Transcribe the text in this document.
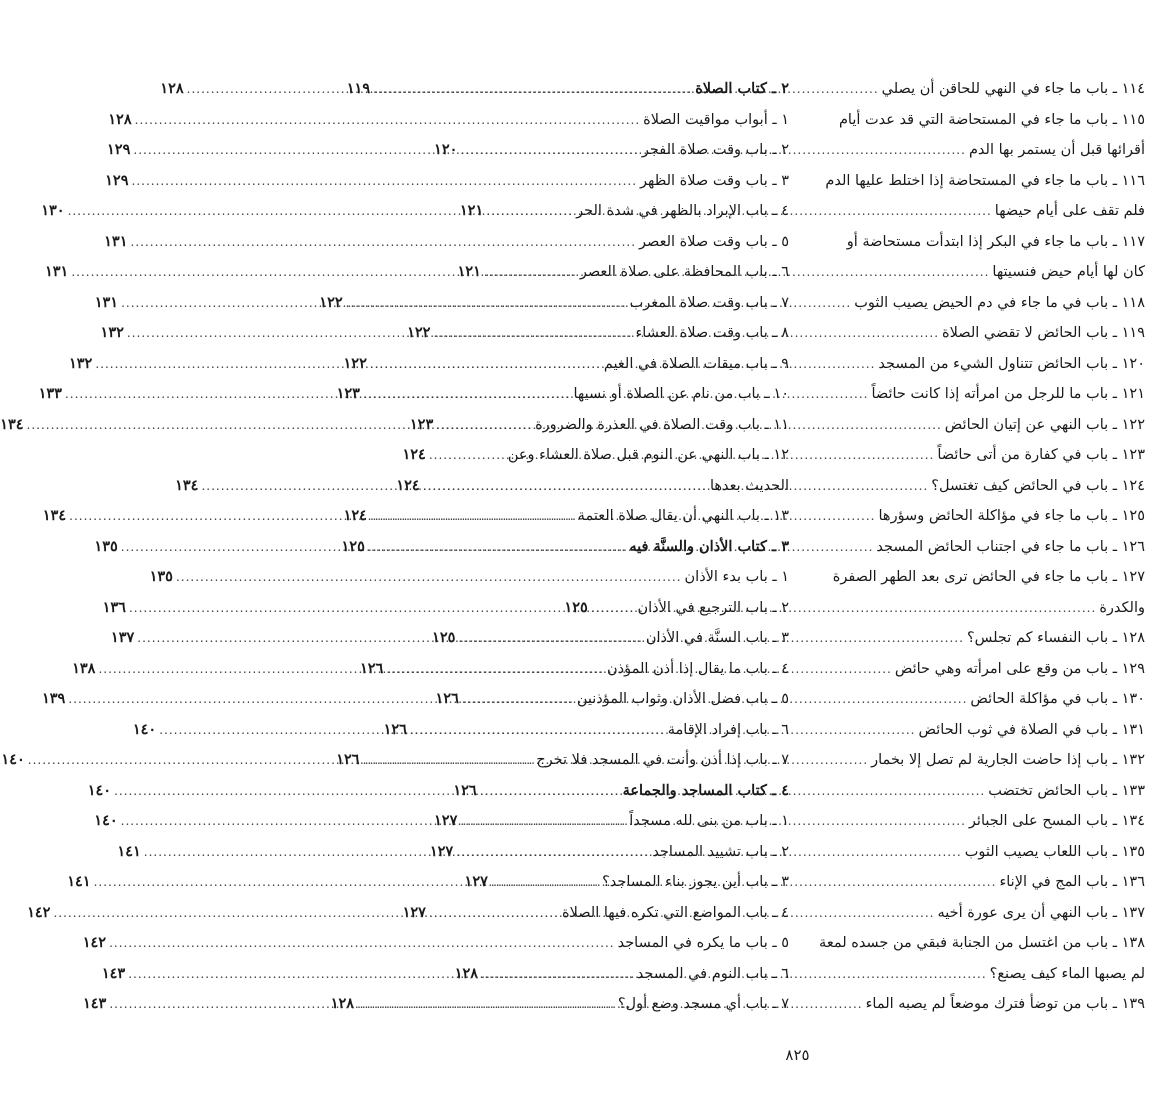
١١٤ ـ باب ما جاء في النهي للحاقن أن يصلي
.....
١١٩
١١٥ ـ باب ما جاء في المستحاضة التي قد عدت أيام
أقرائها قبل أن يستمر بها الدم
.....
١٢٠
١١٦ ـ باب ما جاء في المستحاضة إذا اختلط عليها الدم
فلم تقف على أيام حيضها
.....
١٢١
١١٧ ـ باب ما جاء في البكر إذا ابتدأت مستحاضة أو
كان لها أيام حيض فنسيتها
.....
١٢١
١١٨ ـ باب في ما جاء في دم الحيض يصيب الثوب
.....
١٢٢
١١٩ ـ باب الحائض لا تقضي الصلاة
.....
١٢٢
١٢٠ ـ باب الحائض تتناول الشيء من المسجد
.....
١٢٢
١٢١ ـ باب ما للرجل من امرأته إذا كانت حائضاً
.....
١٢٣
١٢٢ ـ باب النهي عن إتيان الحائض
.....
١٢٣
١٢٣ ـ باب في كفارة من أتى حائضاً
.....
١٢٤
١٢٤ ـ باب في الحائض كيف تغتسل؟
.....
١٢٤
١٢٥ ـ باب ما جاء في مؤاكلة الحائض وسؤرها
.....
١٢٤
١٢٦ ـ باب ما جاء في اجتناب الحائض المسجد
.....
١٢٥
١٢٧ ـ باب ما جاء في الحائض ترى بعد الطهر الصفرة
والكدرة
.....
١٢٥
١٢٨ ـ باب النفساء كم تجلس؟
.....
١٢٥
١٢٩ ـ باب من وقع على امرأته وهي حائض
.....
١٢٦
١٣٠ ـ باب في مؤاكلة الحائض
.....
١٢٦
١٣١ ـ باب في الصلاة في ثوب الحائض
.....
١٢٦
١٣٢ ـ باب إذا حاضت الجارية لم تصل إلا بخمار
.....
١٢٦
١٣٣ ـ باب الحائض تختضب
.....
١٢٦
١٣٤ ـ باب المسح على الجبائر
.....
١٢٧
١٣٥ ـ باب اللعاب يصيب الثوب
.....
١٢٧
١٣٦ ـ باب المج في الإناء
.....
١٢٧
١٣٧ ـ باب النهي أن يرى عورة أخيه
.....
١٢٧
١٣٨ ـ باب من اغتسل من الجنابة فبقي من جسده لمعة
لم يصبها الماء كيف يصنع؟
.....
١٢٨
١٣٩ ـ باب من توضأ فترك موضعاً لم يصبه الماء
.....
١٢٨
٢ ـ كتاب الصلاة
.....
١٢٨
١ ـ أبواب مواقيت الصلاة
.....
١٢٨
٢ ـ باب وقت صلاة الفجر
.....
١٢٩
٣ ـ باب وقت صلاة الظهر
.....
١٢٩
٤ ـ باب الإبراد بالظهر في شدة الحر
.....
١٣٠
٥ ـ باب وقت صلاة العصر
.....
١٣١
٦ ـ باب المحافظة على صلاة العصر
.....
١٣١
٧ ـ باب وقت صلاة المغرب
.....
١٣١
٨ ـ باب وقت صلاة العشاء
.....
١٣٢
٩ ـ باب ميقات الصلاة في الغيم
.....
١٣٢
١٠ ـ باب من نام عن الصلاة أو نسيها
.....
١٣٣
١١ ـ باب وقت الصلاة في العذرة والضرورة
.....
١٣٤
١٢ ـ باب النهي عن النوم قبل صلاة العشاء وعن
الحديث بعدها
.....
١٣٤
١٣ ـ باب النهي أن يقال صلاة العتمة
.....
١٣٤
٣ ـ كتاب الأذان والسنَّة فيه
.....
١٣٥
١ ـ باب بدء الأذان
.....
١٣٥
٢ ـ باب الترجيع في الأذان
.....
١٣٦
٣ ـ باب السنَّة في الأذان
.....
١٣٧
٤ ـ باب ما يقال إذا أذن المؤذن
.....
١٣٨
٥ ـ باب فضل الأذان وثواب المؤذنين
.....
١٣٩
٦ ـ باب إفراد الإقامة
.....
١٤٠
٧ ـ باب إذا أذن وأنت في المسجد فلا تخرج
.....
١٤٠
٤ ـ كتاب المساجد والجماعة
.....
١٤٠
١ ـ باب من بنى لله مسجداً
.....
١٤٠
٢ ـ باب تشييد المساجد
.....
١٤١
٣ ـ باب أين يجوز بناء المساجد؟
.....
١٤١
٤ ـ باب المواضع التي تكره فيها الصلاة
.....
١٤٢
٥ ـ باب ما يكره في المساجد
.....
١٤٢
٦ ـ باب النوم في المسجد
.....
١٤٣
٧ ـ باب أي مسجد وضع أول؟
.....
١٤٣
٨٢٥
